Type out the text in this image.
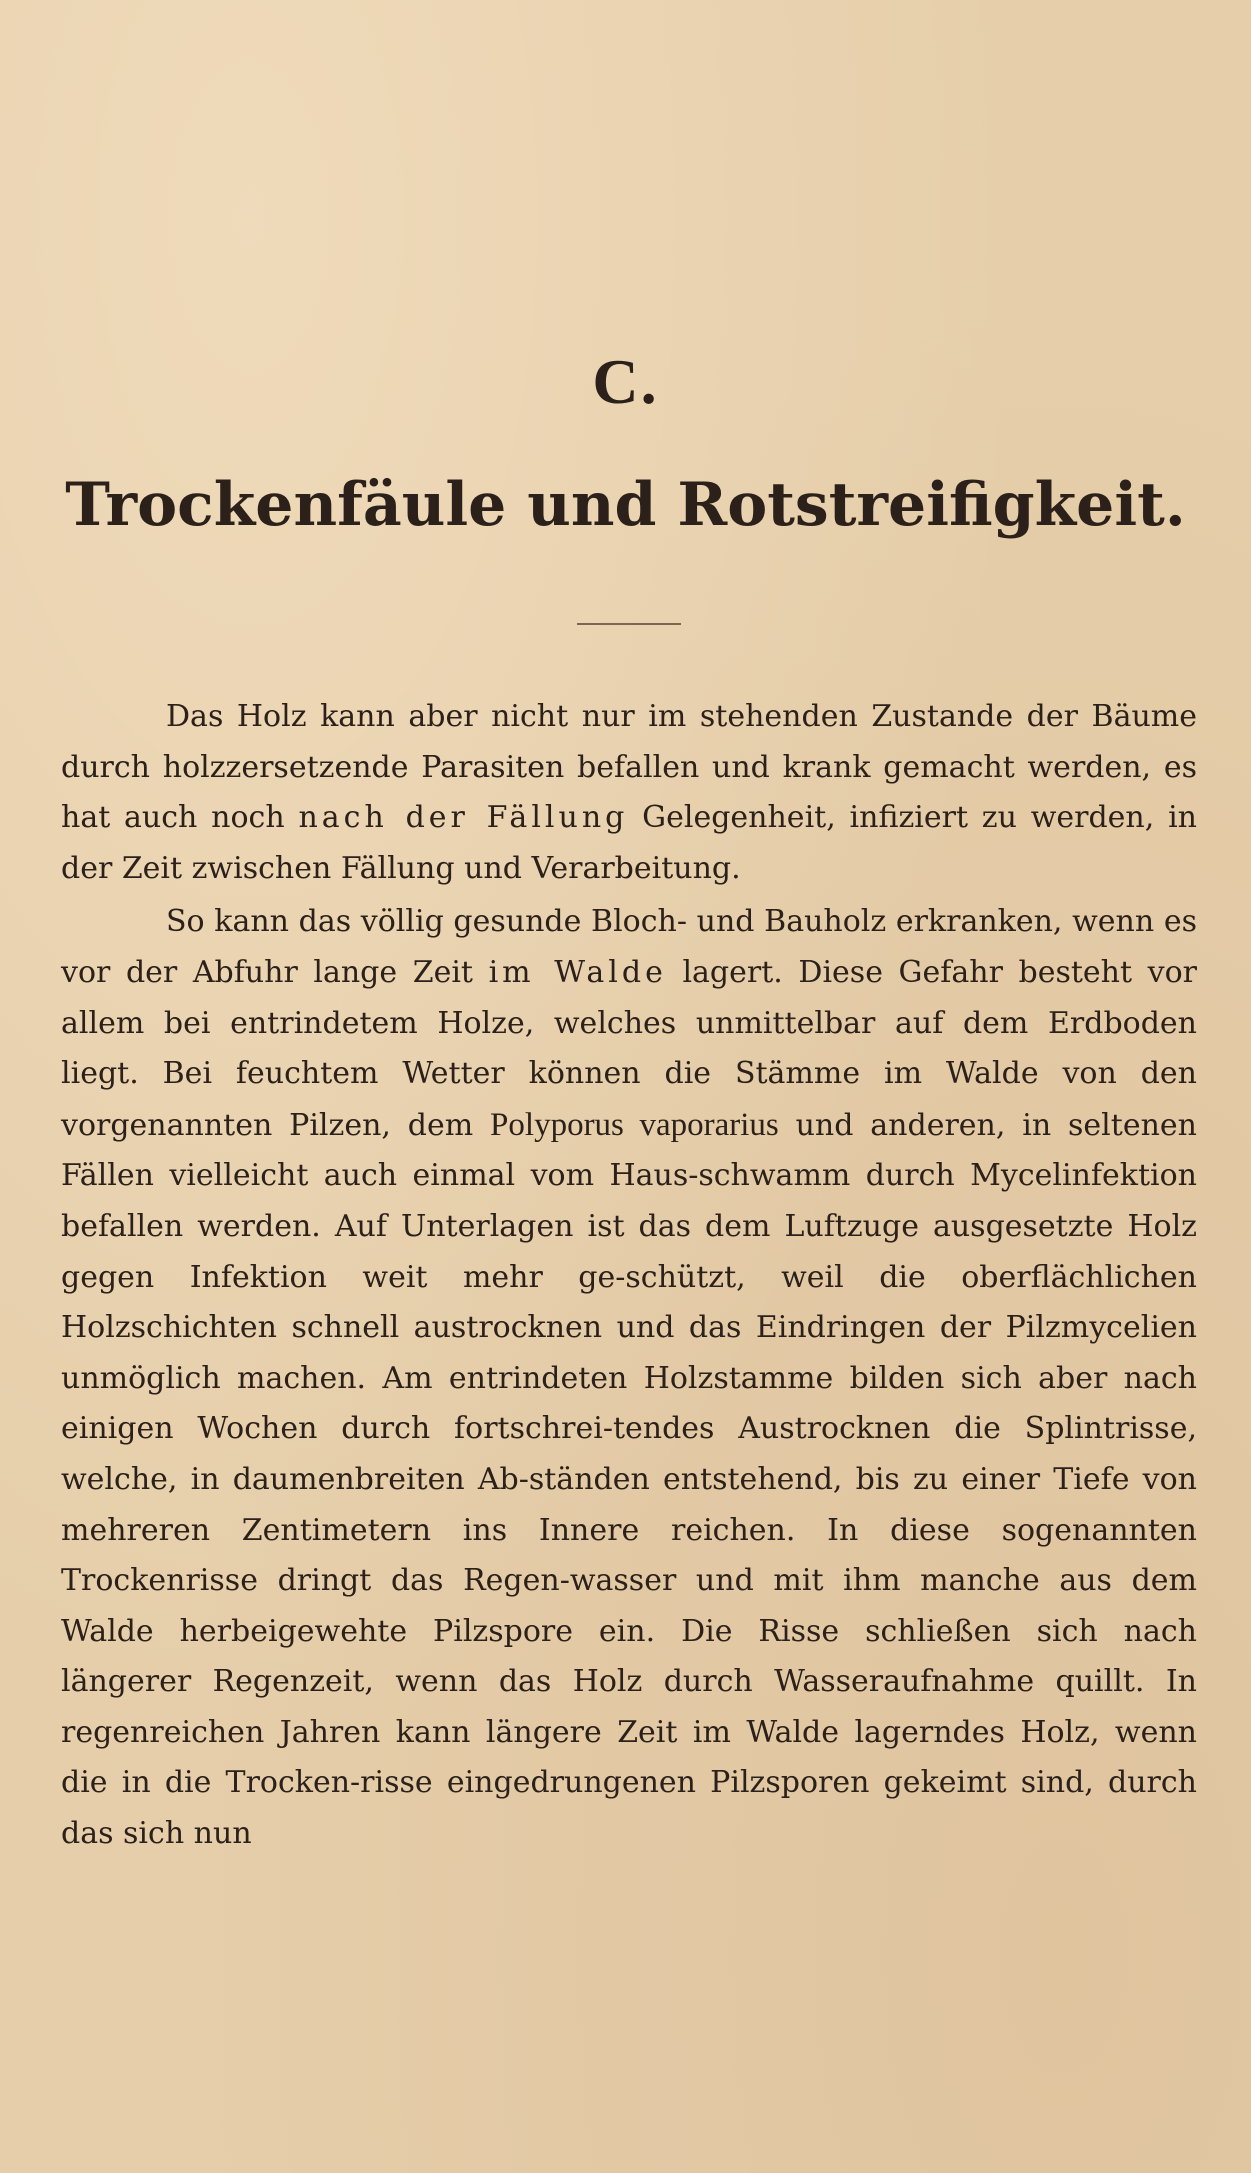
C.
Trockenfäule und Rotstreifigkeit.

Das Holz kann aber nicht nur im stehenden Zustande der Bäume durch holzzersetzende Parasiten befallen und krank gemacht werden, es hat auch noch nach der Fällung Gelegenheit, infiziert zu werden, in der Zeit zwischen Fällung und Verarbeitung.

So kann das völlig gesunde Bloch- und Bauholz erkranken, wenn es vor der Abfuhr lange Zeit im Walde lagert. Diese Gefahr besteht vor allem bei entrindetem Holze, welches unmittelbar auf dem Erdboden liegt. Bei feuchtem Wetter können die Stämme im Walde von den vorgenannten Pilzen, dem Polyporus vaporarius und anderen, in seltenen Fällen vielleicht auch einmal vom Haus-schwamm durch Mycelinfektion befallen werden. Auf Unterlagen ist das dem Luftzuge ausgesetzte Holz gegen Infektion weit mehr ge-schützt, weil die oberflächlichen Holzschichten schnell austrocknen und das Eindringen der Pilzmycelien unmöglich machen. Am entrindeten Holzstamme bilden sich aber nach einigen Wochen durch fortschrei-tendes Austrocknen die Splintrisse, welche, in daumenbreiten Ab-ständen entstehend, bis zu einer Tiefe von mehreren Zentimetern ins Innere reichen. In diese sogenannten Trockenrisse dringt das Regen-wasser und mit ihm manche aus dem Walde herbeigewehte Pilzspore ein. Die Risse schließen sich nach längerer Regenzeit, wenn das Holz durch Wasseraufnahme quillt. In regenreichen Jahren kann längere Zeit im Walde lagerndes Holz, wenn die in die Trocken-risse eingedrungenen Pilzsporen gekeimt sind, durch das sich nun
